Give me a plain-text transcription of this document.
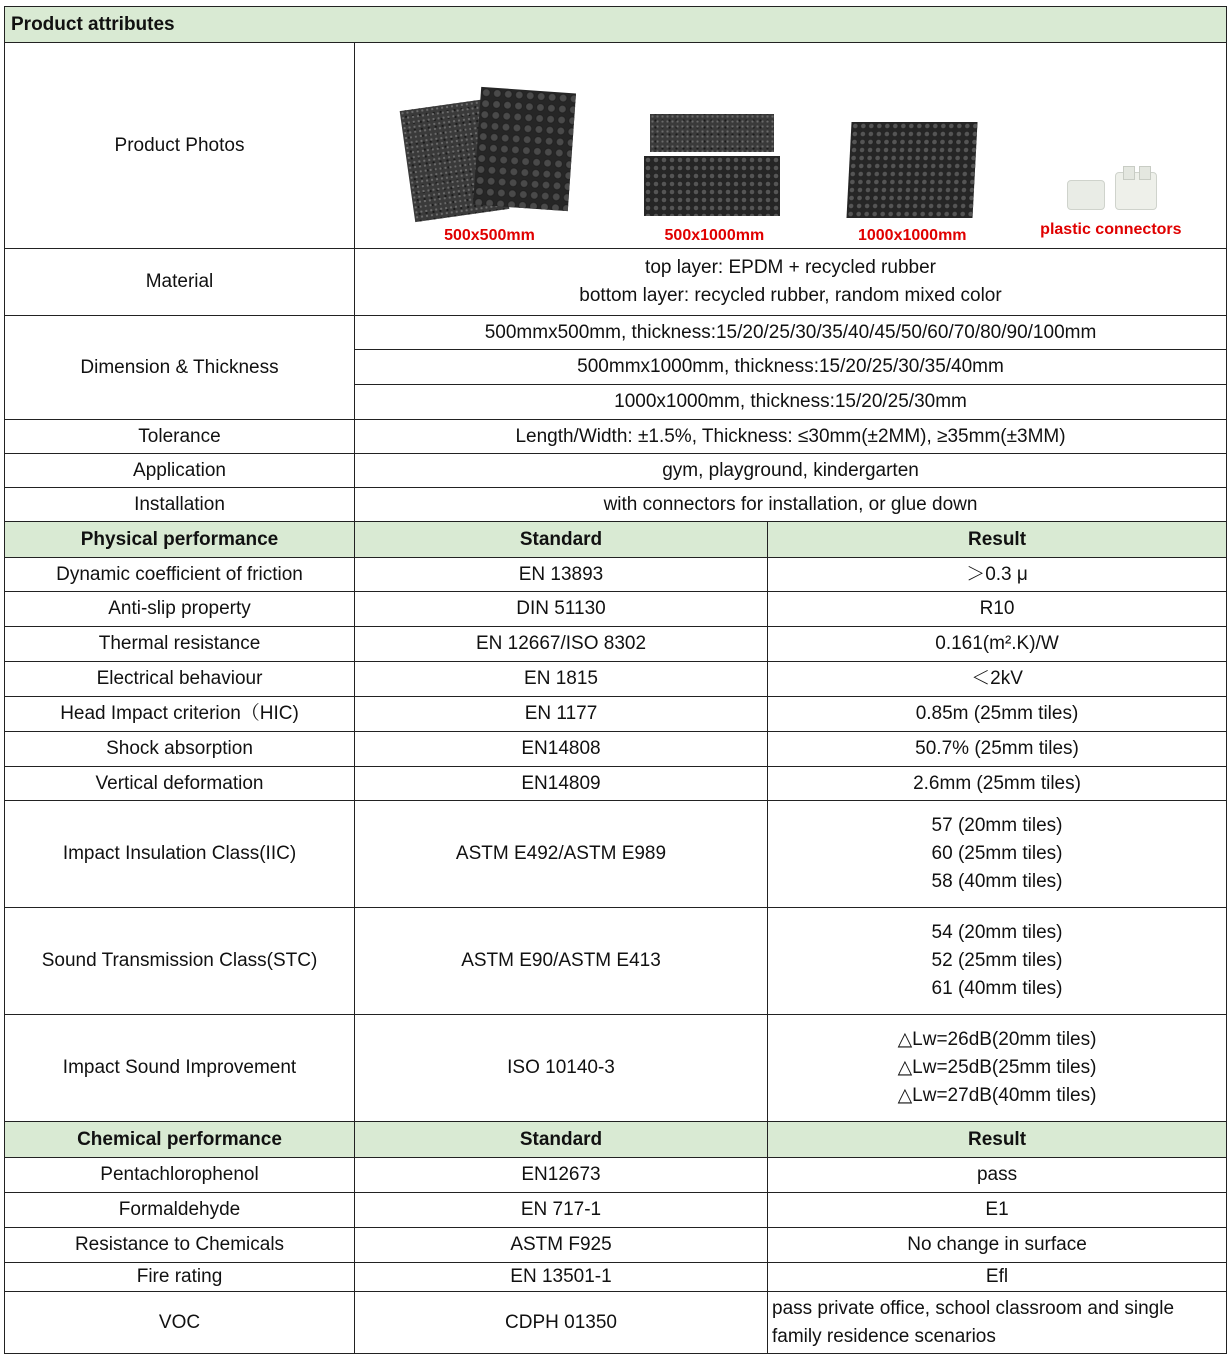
Product attributes		
Product Photos	500x500mm 500x1000mm 1000x1000mm plastic connectors	

Material	top layer: EPDM + recycled rubber
bottom layer: recycled rubber, random mixed color	

Dimension & Thickness	500mmx500mm, thickness:15/20/25/30/35/40/45/50/60/70/80/90/100mm	
	500mmx1000mm, thickness:15/20/25/30/35/40mm	
	1000x1000mm, thickness:15/20/25/30mm	
Tolerance	Length/Width: ±1.5%, Thickness: ≤30mm(±2MM), ≥35mm(±3MM)	
Application	gym, playground, kindergarten	
Installation	with connectors for installation, or glue down	
Physical performance	Standard	Result
Dynamic coefficient of friction	EN 13893	＞0.3 μ
Anti-slip property	DIN 51130	R10
Thermal resistance	EN 12667/ISO 8302	0.161(m².K)/W
Electrical behaviour	EN 1815	＜2kV
Head Impact criterion（HIC)	EN 1177	0.85m (25mm tiles)
Shock absorption	EN14808	50.7% (25mm tiles)
Vertical deformation	EN14809	2.6mm (25mm tiles)
Impact Insulation Class(IIC)	ASTM E492/ASTM E989	57 (20mm tiles)
60 (25mm tiles)
58 (40mm tiles)

Sound Transmission Class(STC)	ASTM E90/ASTM E413	54 (20mm tiles)
52 (25mm tiles)
61 (40mm tiles)

Impact Sound Improvement	ISO 10140-3	△Lw=26dB(20mm tiles)
△Lw=25dB(25mm tiles)
△Lw=27dB(40mm tiles)

Chemical performance	Standard	Result
Pentachlorophenol	EN12673	pass
Formaldehyde	EN 717-1	E1
Resistance to Chemicals	ASTM F925	No change in surface
Fire rating	EN 13501-1	Efl
VOC	CDPH 01350	pass private office, school classroom and single family residence scenarios
